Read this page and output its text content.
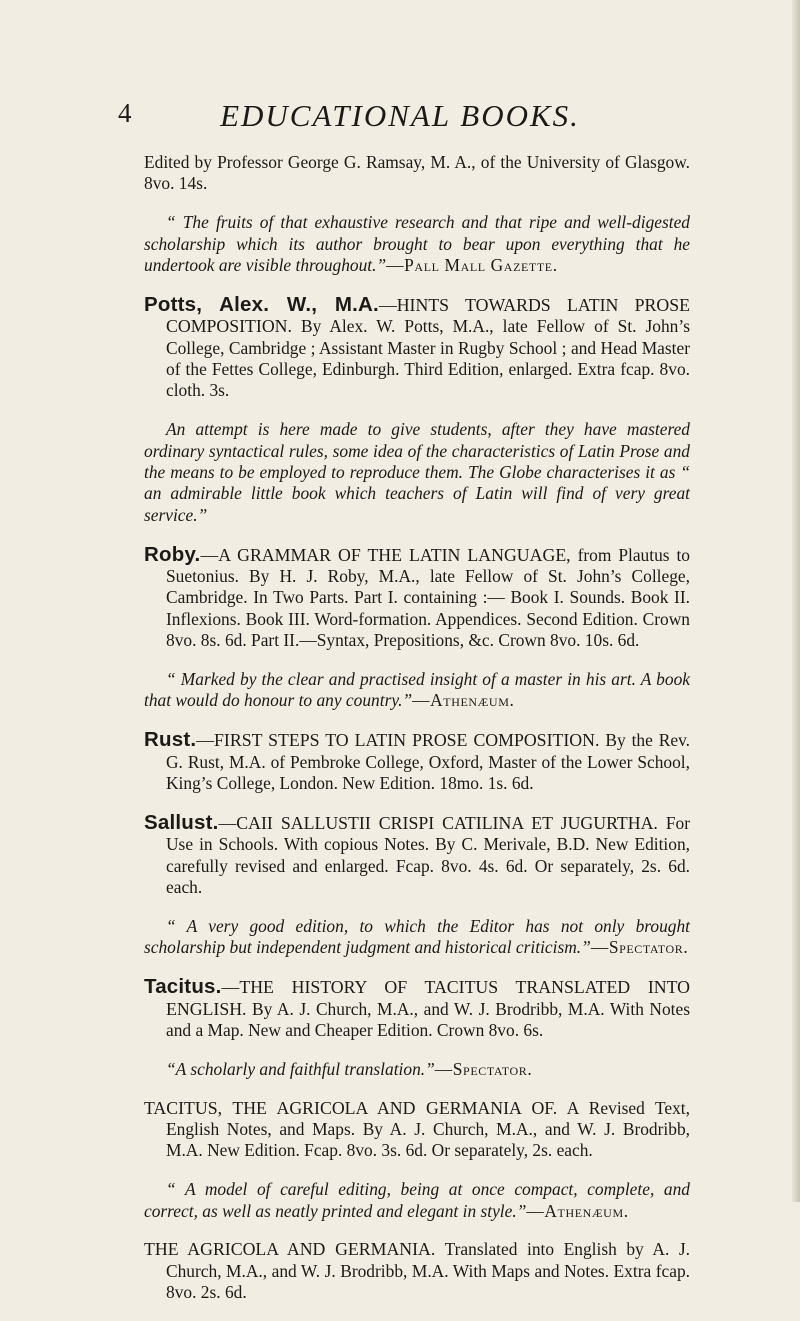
4	EDUCATIONAL BOOKS.

Edited by Professor George G. Ramsay, M. A., of the University of Glasgow. 8vo. 14s.

“ The fruits of that exhaustive research and that ripe and well-digested scholarship which its author brought to bear upon everything that he undertook are visible throughout.”—Pall Mall Gazette.

Potts, Alex. W., M.A.—HINTS TOWARDS LATIN PROSE COMPOSITION. By Alex. W. Potts, M.A., late Fellow of St. John’s College, Cambridge ; Assistant Master in Rugby School ; and Head Master of the Fettes College, Edinburgh. Third Edition, enlarged. Extra fcap. 8vo. cloth. 3s.

An attempt is here made to give students, after they have mastered ordinary syntactical rules, some idea of the characteristics of Latin Prose and the means to be employed to reproduce them. The Globe characterises it as “ an admirable little book which teachers of Latin will find of very great service.”

Roby.—A GRAMMAR OF THE LATIN LANGUAGE, from Plautus to Suetonius. By H. J. Roby, M.A., late Fellow of St. John’s College, Cambridge. In Two Parts. Part I. containing :— Book I. Sounds. Book II. Inflexions. Book III. Word-formation. Appendices. Second Edition. Crown 8vo. 8s. 6d. Part II.—Syntax, Prepositions, &c. Crown 8vo. 10s. 6d.

“ Marked by the clear and practised insight of a master in his art. A book that would do honour to any country.”—Athenæum.

Rust.—FIRST STEPS TO LATIN PROSE COMPOSITION. By the Rev. G. Rust, M.A. of Pembroke College, Oxford, Master of the Lower School, King’s College, London. New Edition. 18mo. 1s. 6d.

Sallust.—CAII SALLUSTII CRISPI CATILINA ET JUGURTHA. For Use in Schools. With copious Notes. By C. Merivale, B.D. New Edition, carefully revised and enlarged. Fcap. 8vo. 4s. 6d. Or separately, 2s. 6d. each.

“ A very good edition, to which the Editor has not only brought scholarship but independent judgment and historical criticism.”—Spectator.

Tacitus.—THE HISTORY OF TACITUS TRANSLATED INTO ENGLISH. By A. J. Church, M.A., and W. J. Brodribb, M.A. With Notes and a Map. New and Cheaper Edition. Crown 8vo. 6s.

“A scholarly and faithful translation.”—Spectator.

TACITUS, THE AGRICOLA AND GERMANIA OF. A Revised Text, English Notes, and Maps. By A. J. Church, M.A., and W. J. Brodribb, M.A. New Edition. Fcap. 8vo. 3s. 6d. Or separately, 2s. each.

“ A model of careful editing, being at once compact, complete, and correct, as well as neatly printed and elegant in style.”—Athenæum.

THE AGRICOLA AND GERMANIA. Translated into English by A. J. Church, M.A., and W. J. Brodribb, M.A. With Maps and Notes. Extra fcap. 8vo. 2s. 6d.
